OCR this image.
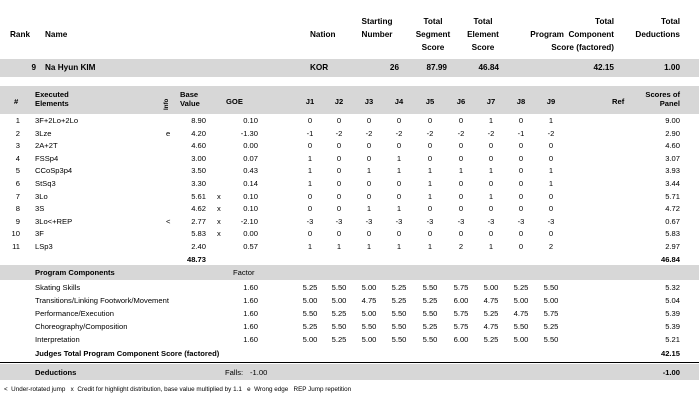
Rank Name	Nation
Starting
Number
Total
Segment
Score
Total
Element
Score
Total
Program  Component
Score (factored)
Total
Deductions
9 Na Hyun KIM	KOR	26	87.99	46.84	42.15	1.00
#
Executed
Elements	Info
Base
Value	GOE	J1	J2	J3	J4	J5	J6	J7	J8	J9	Ref
Scores of
Panel
1 3F+2Lo+2Lo	8.90	0.10	0	0	0	0	0	0	1	0	1	9.00
2 3Lze	e	4.20	-1.30	-1	-2	-2	-2	-2	-2	-2	-1	-2	2.90
3 2A+2T	4.60	0.00	0	0	0	0	0	0	0	0	0	4.60
4 FSSp4	3.00	0.07	1	0	0	1	0	0	0	0	0	3.07
5 CCoSp3p4	3.50	0.43	1	0	1	1	1	1	1	0	1	3.93
6 StSq3	3.30	0.14	1	0	0	0	1	0	0	0	1	3.44
7 3Lo	5.61 x	0.10	0	0	0	0	1	0	1	0	0	5.71
8 3S	4.62 x	0.10	0	0	1	1	0	0	0	0	0	4.72
9 3Lo<+REP	<	2.77 x	-2.10	-3	-3	-3	-3	-3	-3	-3	-3	-3	0.67
10 3F	5.83 x	0.00	0	0	0	0	0	0	0	0	0	5.83
11 LSp3	2.40	0.57	1	1	1	1	1	2	1	0	2	2.97
48.73	46.84
Program Components	Factor
Skating Skills	1.60	5.25	5.50	5.00	5.25	5.50	5.75	5.00	5.25	5.50	5.32
Transitions/Linking Footwork/Movement	1.60	5.00	5.00	4.75	5.25	5.25	6.00	4.75	5.00	5.00	5.04
Performance/Execution	1.60	5.50	5.25	5.00	5.50	5.50	5.75	5.25	4.75	5.75	5.39
Choreography/Composition	1.60	5.25	5.50	5.50	5.50	5.25	5.75	4.75	5.50	5.25	5.39
Interpretation	1.60	5.00	5.25	5.00	5.50	5.50	6.00	5.25	5.00	5.50	5.21
Judges Total Program Component Score (factored)	42.15
Deductions	Falls: -1.00	-1.00
<  Under-rotated jump   x  Credit for highlight distribution, base value multiplied by 1.1   e  Wrong edge   REP Jump repetition
